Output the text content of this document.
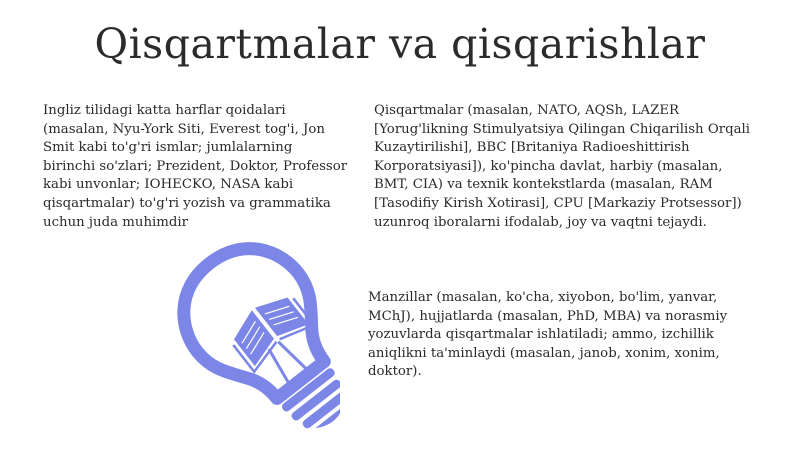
Qisqartmalar va qisqarishlar
Ingliz tilidagi katta harflar qoidalari (masalan, Nyu-York Siti, Everest tog'i, Jon Smit kabi to'g'ri ismlar; jumlalarning birinchi so'zlari; Prezident, Doktor, Professor kabi unvonlar; IOHECKO, NASA kabi qisqartmalar) to'g'ri yozish va grammatika uchun juda muhimdir
Qisqartmalar (masalan, NATO, AQSh, LAZER [Yorug'likning Stimulyatsiya Qilingan Chiqarilish Orqali Kuzaytirilishi], BBC [Britaniya Radioeshittirish Korporatsiyasi]), ko'pincha davlat, harbiy (masalan, BMT, CIA) va texnik kontekstlarda (masalan, RAM [Tasodifiy Kirish Xotirasi], CPU [Markaziy Protsessor]) uzunroq iboralarni ifodalab, joy va vaqtni tejaydi.
Manzillar (masalan, ko'cha, xiyobon, bo'lim, yanvar, MChJ), hujjatlarda (masalan, PhD, MBA) va norasmiy yozuvlarda qisqartmalar ishlatiladi; ammo, izchillik aniqlikni ta'minlaydi (masalan, janob, xonim, xonim, doktor).
